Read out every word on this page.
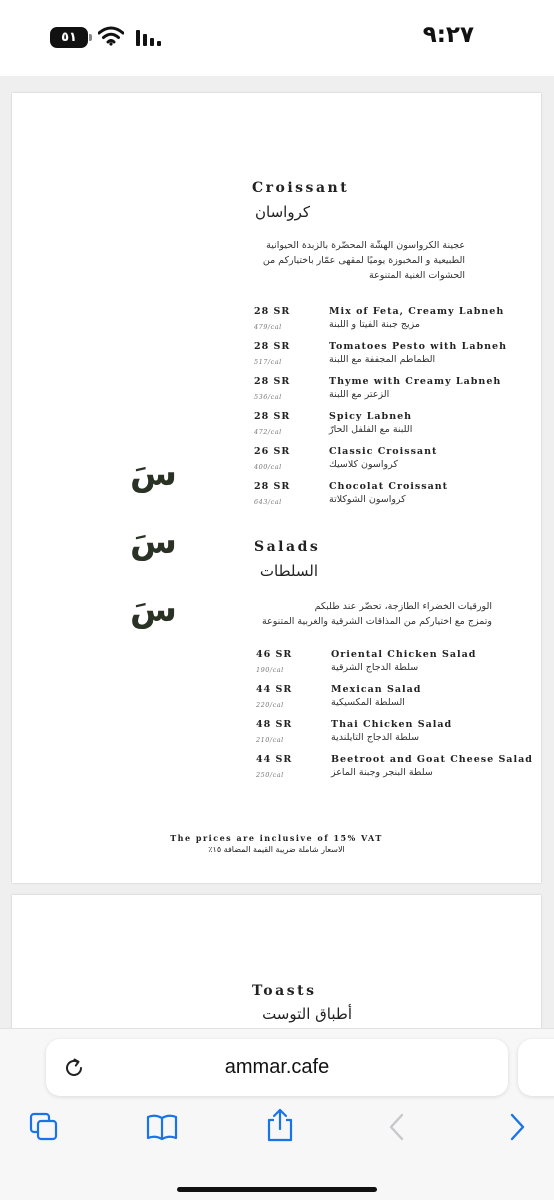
٥١	٩:٢٧
Croissant
كرواسان
عجينة الكرواسون الهشّة المحضّرة بالزبدة الحيوانية
الطبيعية و المخبوزة يوميًا لمقهى عمّار باختياركم من
الحشوات الغنية المتنوعة
28 SR
479/cal
Mix of Feta, Creamy Labneh
مزيج جبنة الفيتا و اللبنة
28 SR
517/cal
Tomatoes Pesto with Labneh
الطماطم المجففة مع اللبنة
28 SR
536/cal
Thyme with Creamy Labneh
الزعتر مع اللبنة
28 SR
472/cal
Spicy Labneh
اللبنة مع الفلفل الحارّ
26 SR
400/cal
Classic Croissant
كرواسون كلاسيك
28 SR
643/cal
Chocolat Croissant
كرواسون الشوكلاتة
سَ
سَ
سَ
Salads
السلطات
الورقيات الخضراء الطازجة، تحضّر عند طلبكم
وتمزج مع اختياركم من المذاقات الشرقية والغربية المتنوعة
46 SR
190/cal
Oriental Chicken Salad
سلطة الدجاج الشرقية
44 SR
220/cal
Mexican Salad
السلطة المكسيكية
48 SR
210/cal
Thai Chicken Salad
سلطة الدجاج التايلندية
44 SR
250/cal
Beetroot and Goat Cheese Salad
سلطة البنجر وجبنة الماعز
The prices are inclusive of 15% VAT
الاسعار شاملة ضريبة القيمة المضافة ١٥٪
Toasts
أطباق التوست
ammar.cafe
